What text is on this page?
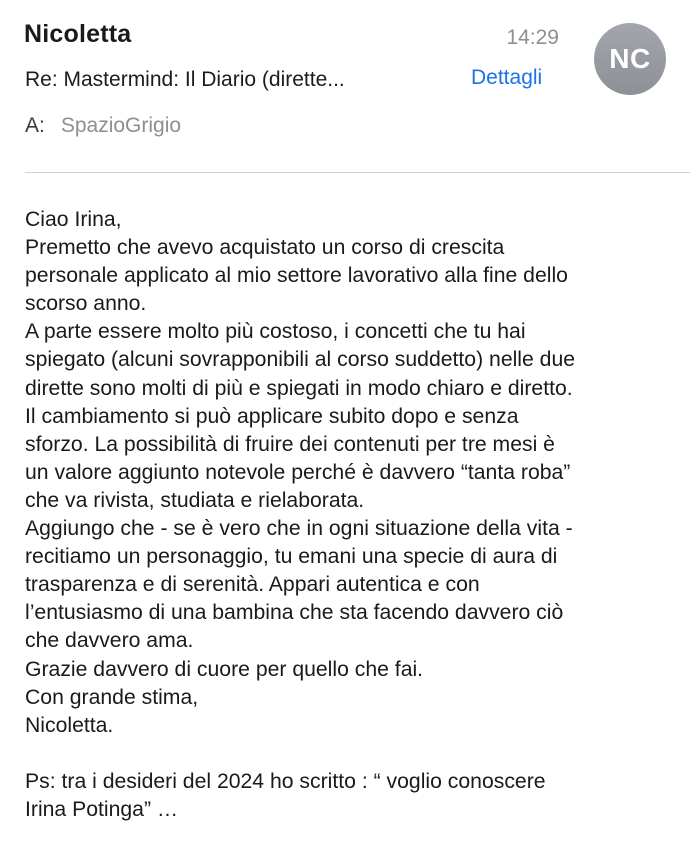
Nicoletta	14:29
NC
Re: Mastermind: Il Diario (dirette...	Dettagli
A: SpazioGrigio
Ciao Irina,
Premetto che avevo acquistato un corso di crescita
personale applicato al mio settore lavorativo alla fine dello
scorso anno.
A parte essere molto più costoso, i concetti che tu hai
spiegato (alcuni sovrapponibili al corso suddetto) nelle due
dirette sono molti di più e spiegati in modo chiaro e diretto.
Il cambiamento si può applicare subito dopo e senza
sforzo. La possibilità di fruire dei contenuti per tre mesi è
un valore aggiunto notevole perché è davvero “tanta roba”
che va rivista, studiata e rielaborata.
Aggiungo che - se è vero che in ogni situazione della vita -
recitiamo un personaggio, tu emani una specie di aura di
trasparenza e di serenità. Appari autentica e con
l’entusiasmo di una bambina che sta facendo davvero ciò
che davvero ama.
Grazie davvero di cuore per quello che fai.
Con grande stima,
Nicoletta.
Ps: tra i desideri del 2024 ho scritto : “ voglio conoscere
Irina Potinga” …
